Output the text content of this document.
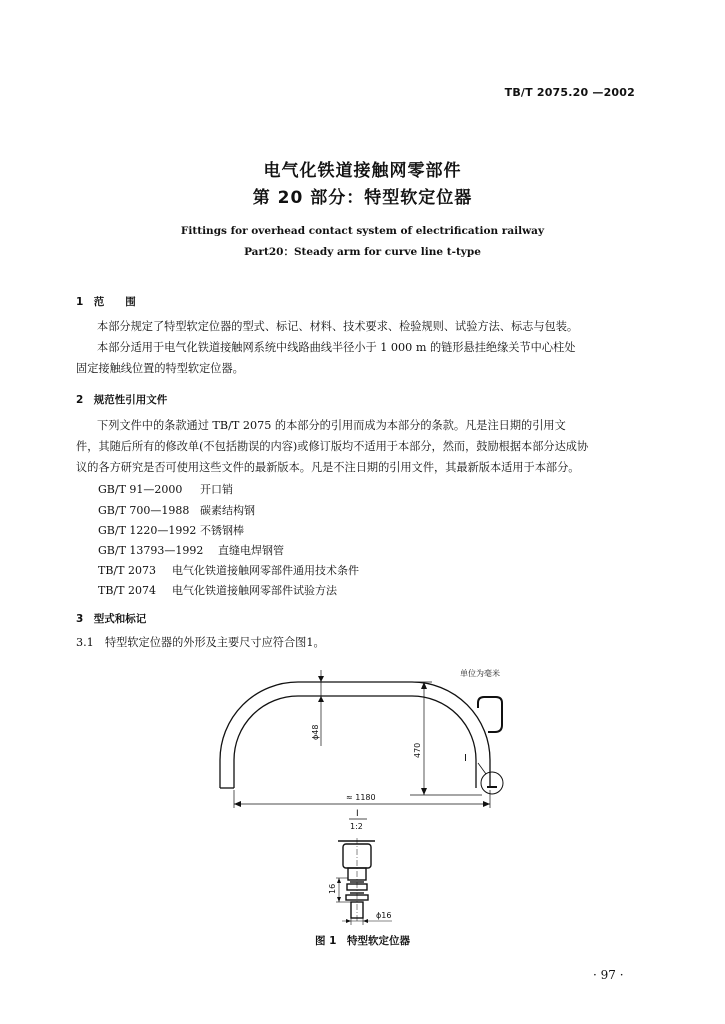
TB/T 2075.20 —2002
电气化铁道接触网零部件
第 20 部分：特型软定位器
Fittings for overhead contact system of electrification railway
Part20：Steady arm for curve line t-type
1　范　　围
本部分规定了特型软定位器的型式、标记、材料、技术要求、检验规则、试验方法、标志与包装。
本部分适用于电气化铁道接触网系统中线路曲线半径小于 1 000 m 的链形悬挂绝缘关节中心柱处
固定接触线位置的特型软定位器。
2　规范性引用文件
下列文件中的条款通过 TB/T 2075 的本部分的引用而成为本部分的条款。凡是注日期的引用文
件，其随后所有的修改单(不包括勘误的内容)或修订版均不适用于本部分，然而，鼓励根据本部分达成协
议的各方研究是否可使用这些文件的最新版本。凡是不注日期的引用文件，其最新版本适用于本部分。
GB/T 91—2000 开口销
GB/T 700—1988 碳素结构钢
GB/T 1220—1992 不锈钢棒
GB/T 13793—1992 直缝电焊钢管
TB/T 2073 电气化铁道接触网零部件通用技术条件
TB/T 2074 电气化铁道接触网零部件试验方法
3　型式和标记
3.1　特型软定位器的外形及主要尺寸应符合图1。
单位为毫米
I
ϕ48
470
≈ 1180
I
1:2
16
ϕ16
图 1　特型软定位器
· 97 ·
